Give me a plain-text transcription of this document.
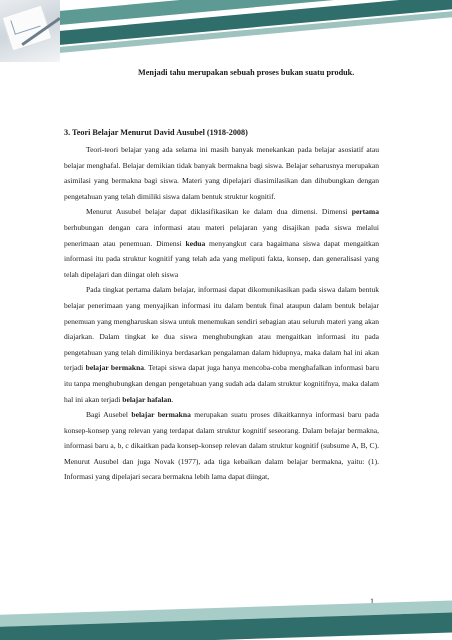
Menjadi tahu merupakan sebuah proses bukan suatu produk.
3. Teori Belajar Menurut David Ausubel (1918-2008)

Teori-teori belajar yang ada selama ini masih banyak menekankan pada belajar asosiatif atau belajar menghafal. Belajar demikian tidak banyak bermakna bagi siswa. Belajar seharusnya merupakan asimilasi yang bermakna bagi siswa. Materi yang dipelajari diasimilasikan dan dihubungkan dengan pengetahuan yang telah dimiliki siswa dalam bentuk struktur kognitif.

Menurut Ausubel belajar dapat diklasifikasikan ke dalam dua dimensi. Dimensi pertama berhubungan dengan cara informasi atau materi pelajaran yang disajikan pada siswa melalui penerimaan atau penemuan. Dimensi kedua menyangkut cara bagaimana siswa dapat mengaitkan informasi itu pada struktur kognitif yang telah ada yang meliputi fakta, konsep, dan generalisasi yang telah dipelajari dan diingat oleh siswa

Pada tingkat pertama dalam belajar, informasi dapat dikomunikasikan pada siswa dalam bentuk belajar penerimaan yang menyajikan informasi itu dalam bentuk final ataupun dalam bentuk belajar penemuan yang mengharuskan siswa untuk menemukan sendiri sebagian atau seluruh materi yang akan diajarkan. Dalam tingkat ke dua siswa menghubungkan atau mengaitkan informasi itu pada pengetahuan yang telah dimilikinya berdasarkan pengalaman dalam hidupnya, maka dalam hal ini akan terjadi belajar bermakna. Tetapi siswa dapat juga hanya mencoba-coba menghafalkan informasi baru itu tanpa menghubungkan dengan pengetahuan yang sudah ada dalam struktur kognitifnya, maka dalam hal ini akan terjadi belajar hafalan.

Bagi Ausebel belajar bermakna merupakan suatu proses dikaitkannya informasi baru pada konsep-konsep yang relevan yang terdapat dalam struktur kognitif seseorang. Dalam belajar bermakna, informasi baru a, b, c dikaitkan pada konsep-konsep relevan dalam struktur kognitif (subsume A, B, C). Menurut Ausubel dan juga Novak (1977), ada tiga kebaikan dalam belajar bermakna, yaitu: (1). Informasi yang dipelajari secara bermakna lebih lama dapat diingat,

1
